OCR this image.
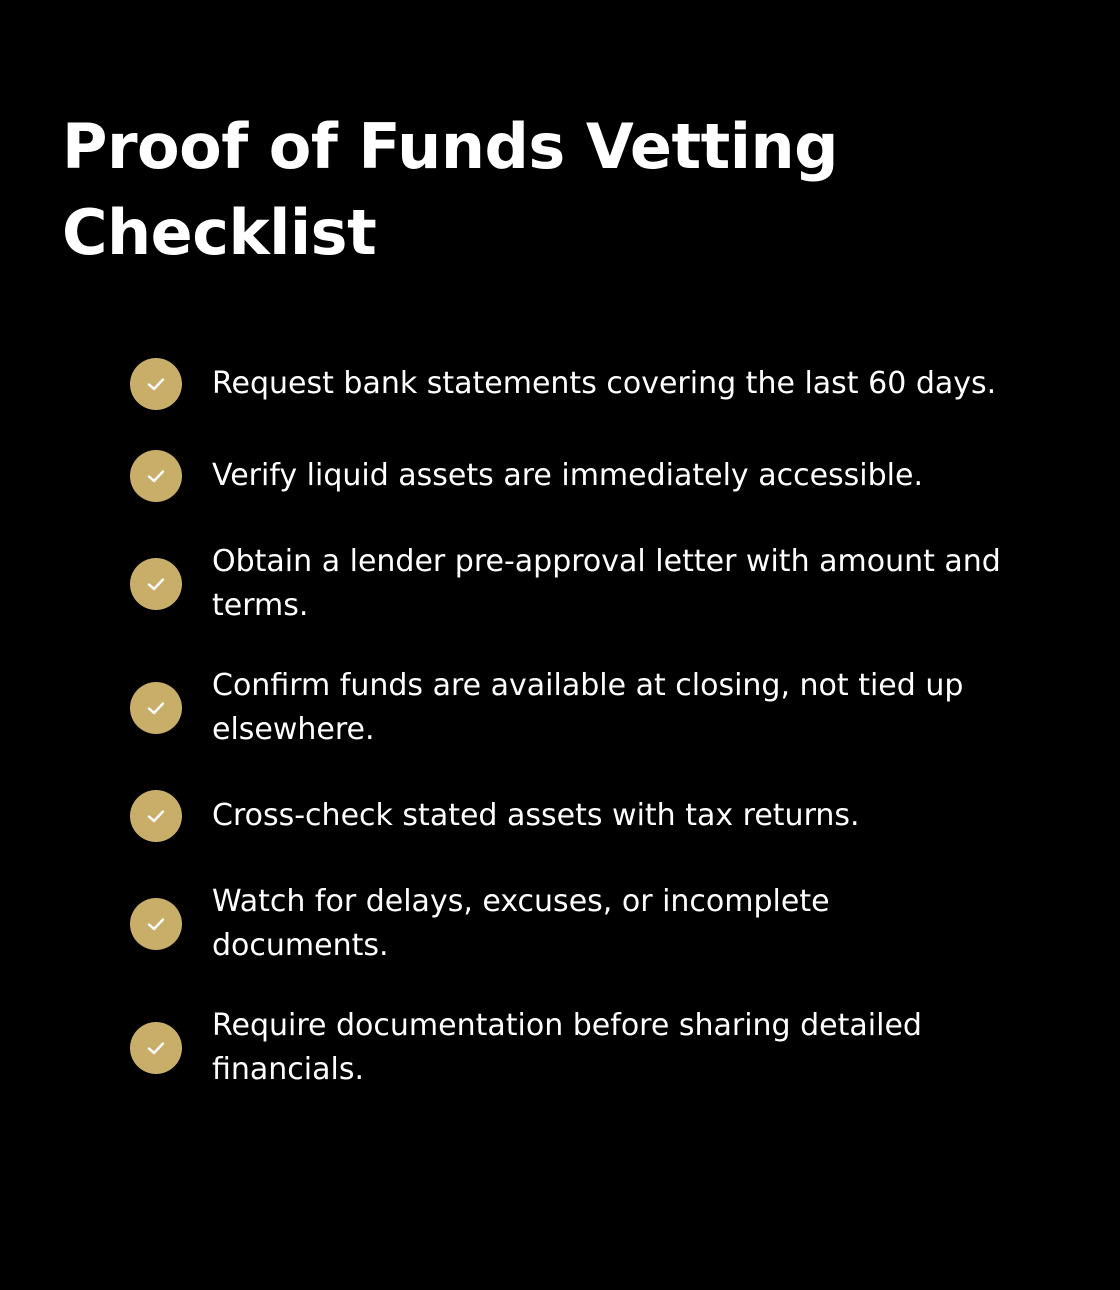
Proof of Funds Vetting Checklist
Request bank statements covering the last 60 days.
Verify liquid assets are immediately accessible.
Obtain a lender pre-approval letter with amount and terms.
Confirm funds are available at closing, not tied up elsewhere.
Cross-check stated assets with tax returns.
Watch for delays, excuses, or incomplete documents.
Require documentation before sharing detailed financials.
